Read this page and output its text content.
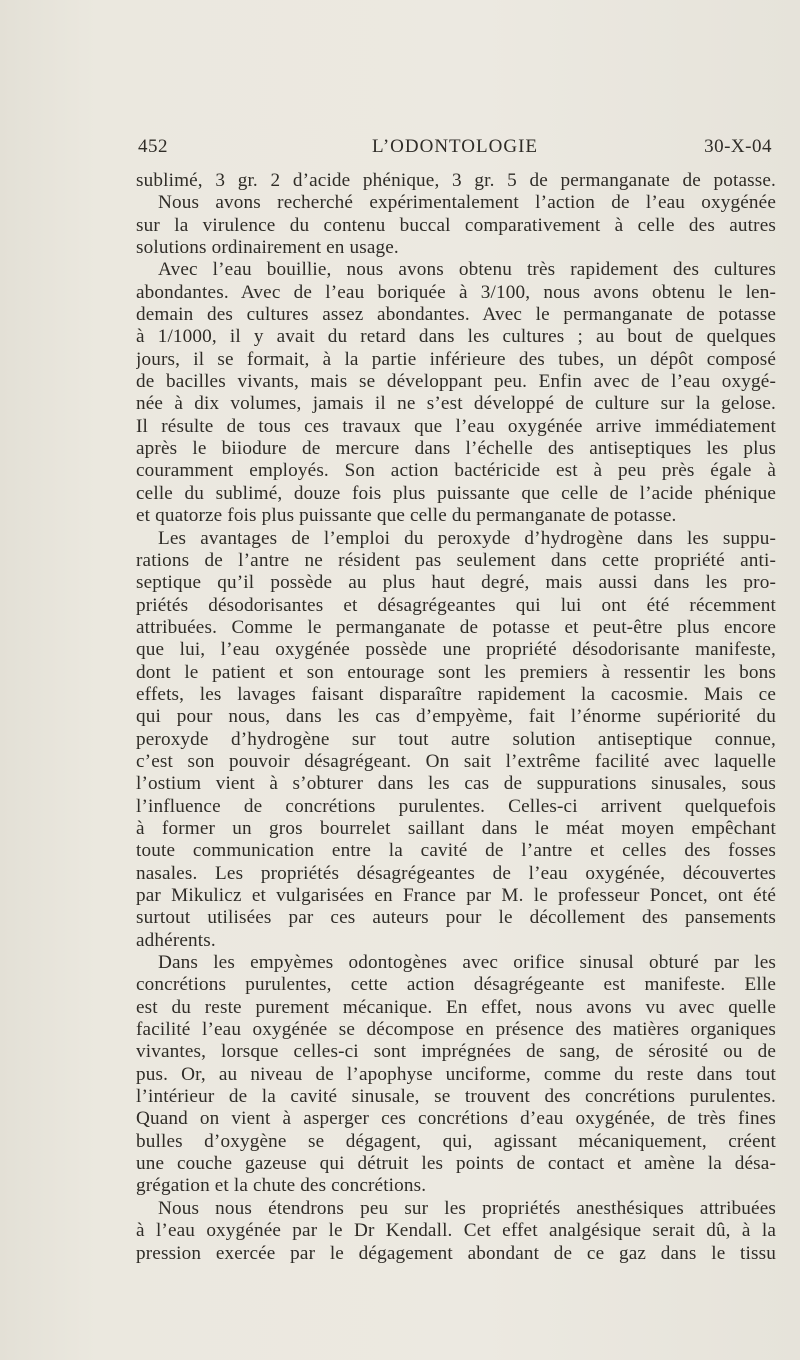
452	L’ODONTOLOGIE	30-X-04
sublimé, 3 gr. 2 d’acide phénique, 3 gr. 5 de permanganate de potasse.
Nous avons recherché expérimentalement l’action de l’eau oxygénée
sur la virulence du contenu buccal comparativement à celle des autres
solutions ordinairement en usage.
Avec l’eau bouillie, nous avons obtenu très rapidement des cultures
abondantes. Avec de l’eau boriquée à 3/100, nous avons obtenu le len-
demain des cultures assez abondantes. Avec le permanganate de potasse
à 1/1000, il y avait du retard dans les cultures ; au bout de quelques
jours, il se formait, à la partie inférieure des tubes, un dépôt composé
de bacilles vivants, mais se développant peu. Enfin avec de l’eau oxygé-
née à dix volumes, jamais il ne s’est développé de culture sur la gelose.
Il résulte de tous ces travaux que l’eau oxygénée arrive immédiatement
après le biiodure de mercure dans l’échelle des antiseptiques les plus
couramment employés. Son action bactéricide est à peu près égale à
celle du sublimé, douze fois plus puissante que celle de l’acide phénique
et quatorze fois plus puissante que celle du permanganate de potasse.
Les avantages de l’emploi du peroxyde d’hydrogène dans les suppu-
rations de l’antre ne résident pas seulement dans cette propriété anti-
septique qu’il possède au plus haut degré, mais aussi dans les pro-
priétés désodorisantes et désagrégeantes qui lui ont été récemment
attribuées. Comme le permanganate de potasse et peut-être plus encore
que lui, l’eau oxygénée possède une propriété désodorisante manifeste,
dont le patient et son entourage sont les premiers à ressentir les bons
effets, les lavages faisant disparaître rapidement la cacosmie. Mais ce
qui pour nous, dans les cas d’empyème, fait l’énorme supériorité du
peroxyde d’hydrogène sur tout autre solution antiseptique connue,
c’est son pouvoir désagrégeant. On sait l’extrême facilité avec laquelle
l’ostium vient à s’obturer dans les cas de suppurations sinusales, sous
l’influence de concrétions purulentes. Celles-ci arrivent quelquefois
à former un gros bourrelet saillant dans le méat moyen empêchant
toute communication entre la cavité de l’antre et celles des fosses
nasales. Les propriétés désagrégeantes de l’eau oxygénée, découvertes
par Mikulicz et vulgarisées en France par M. le professeur Poncet, ont été
surtout utilisées par ces auteurs pour le décollement des pansements
adhérents.
Dans les empyèmes odontogènes avec orifice sinusal obturé par les
concrétions purulentes, cette action désagrégeante est manifeste. Elle
est du reste purement mécanique. En effet, nous avons vu avec quelle
facilité l’eau oxygénée se décompose en présence des matières organiques
vivantes, lorsque celles-ci sont imprégnées de sang, de sérosité ou de
pus. Or, au niveau de l’apophyse unciforme, comme du reste dans tout
l’intérieur de la cavité sinusale, se trouvent des concrétions purulentes.
Quand on vient à asperger ces concrétions d’eau oxygénée, de très fines
bulles d’oxygène se dégagent, qui, agissant mécaniquement, créent
une couche gazeuse qui détruit les points de contact et amène la désa-
grégation et la chute des concrétions.
Nous nous étendrons peu sur les propriétés anesthésiques attribuées
à l’eau oxygénée par le Dr Kendall. Cet effet analgésique serait dû, à la
pression exercée par le dégagement abondant de ce gaz dans le tissu
